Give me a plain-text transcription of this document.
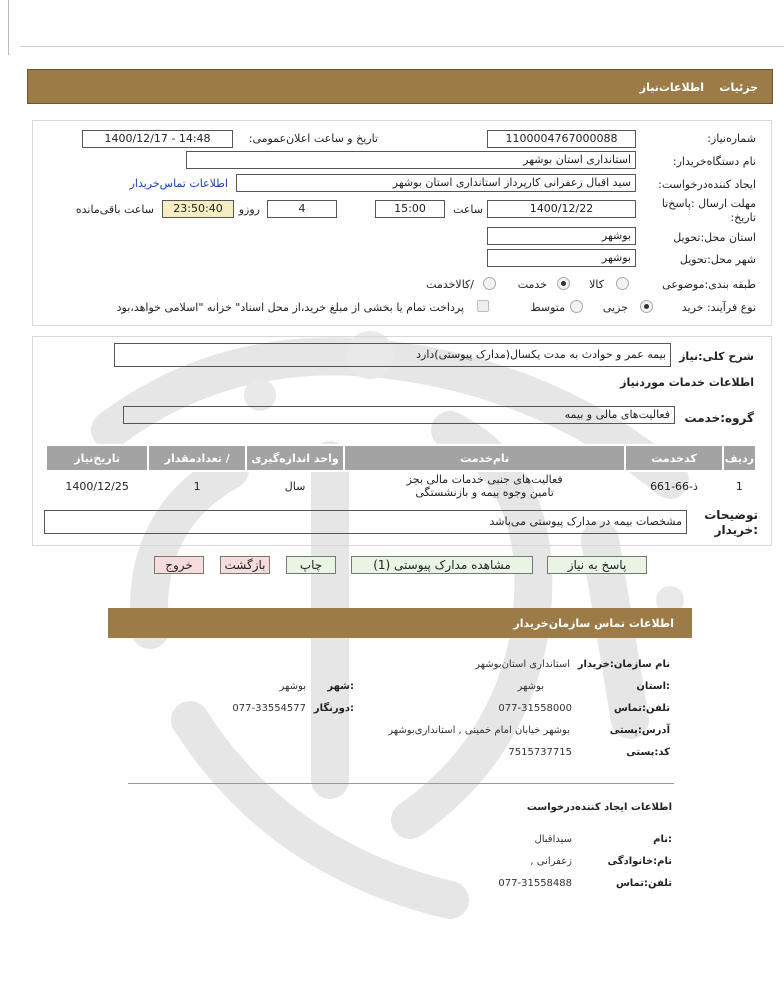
جزئیات
اطلاعات‌نیاز
شماره‌نیاز:
1100004767000088
تاریخ و ساعت اعلان‌عمومی:
1400/12/17 - 14:48
نام دستگاه‌خریدار:
استانداری استان بوشهر
ایجاد کننده‌درخواست:
سید اقبال زعفرانی کارپرداز استانداری استان بوشهر
اطلاعات تماس‌خریدار
مهلت ارسال :پاسخ‌تا تاریخ:
1400/12/22
ساعت
15:00
4
روزو
23:50:40
ساعت باقی‌مانده
استان محل:تحویل
بوشهر
شهر محل:تحویل
بوشهر
طبقه بندی:موضوعی
کالا
خدمت
/کالاخدمت
نوع فرآیند: خرید
جزیی
متوسط
پرداخت تمام یا بخشی از مبلغ خرید،از محل اسناد" خزانه "اسلامی خواهد،بود
شرح کلی:نیاز
بیمه عمر و حوادث به مدت یکسال(مدارک پیوستی)دارد
اطلاعات خدمات موردنیاز
گروه:خدمت
فعالیت‌های مالی و بیمه
ردیف	کدخدمت	نام‌خدمت	واحد اندازه‌گیری	/ تعدادمقدار	تاریخ‌نیاز
1	ذ-66-661	فعالیت‌های جنبی خدمات مالی بجز
تامین وجوه بیمه و بازنشستگی	سال	1	1400/12/25
توضیحات :خریدار
مشخصات بیمه در مدارک پیوستی می‌باشد
پاسخ به نیاز
مشاهده مدارک پیوستی (1)
چاپ
بازگشت
خروج
اطلاعات تماس سازمان‌خریدار
نام سازمان:خریدار
استانداری استان‌بوشهر
:استان
بوشهر
:شهر
بوشهر
تلفن:تماس
077-31558000
:دورنگار
077-33554577
آدرس:پستی
بوشهر خیابان امام خمینی , استانداری‌بوشهر
کد:پستی
7515737715
اطلاعات ایجاد کننده‌درخواست
:نام
سیداقبال
نام:خانوادگی
زعفرانی ,
تلفن:تماس
077-31558488
